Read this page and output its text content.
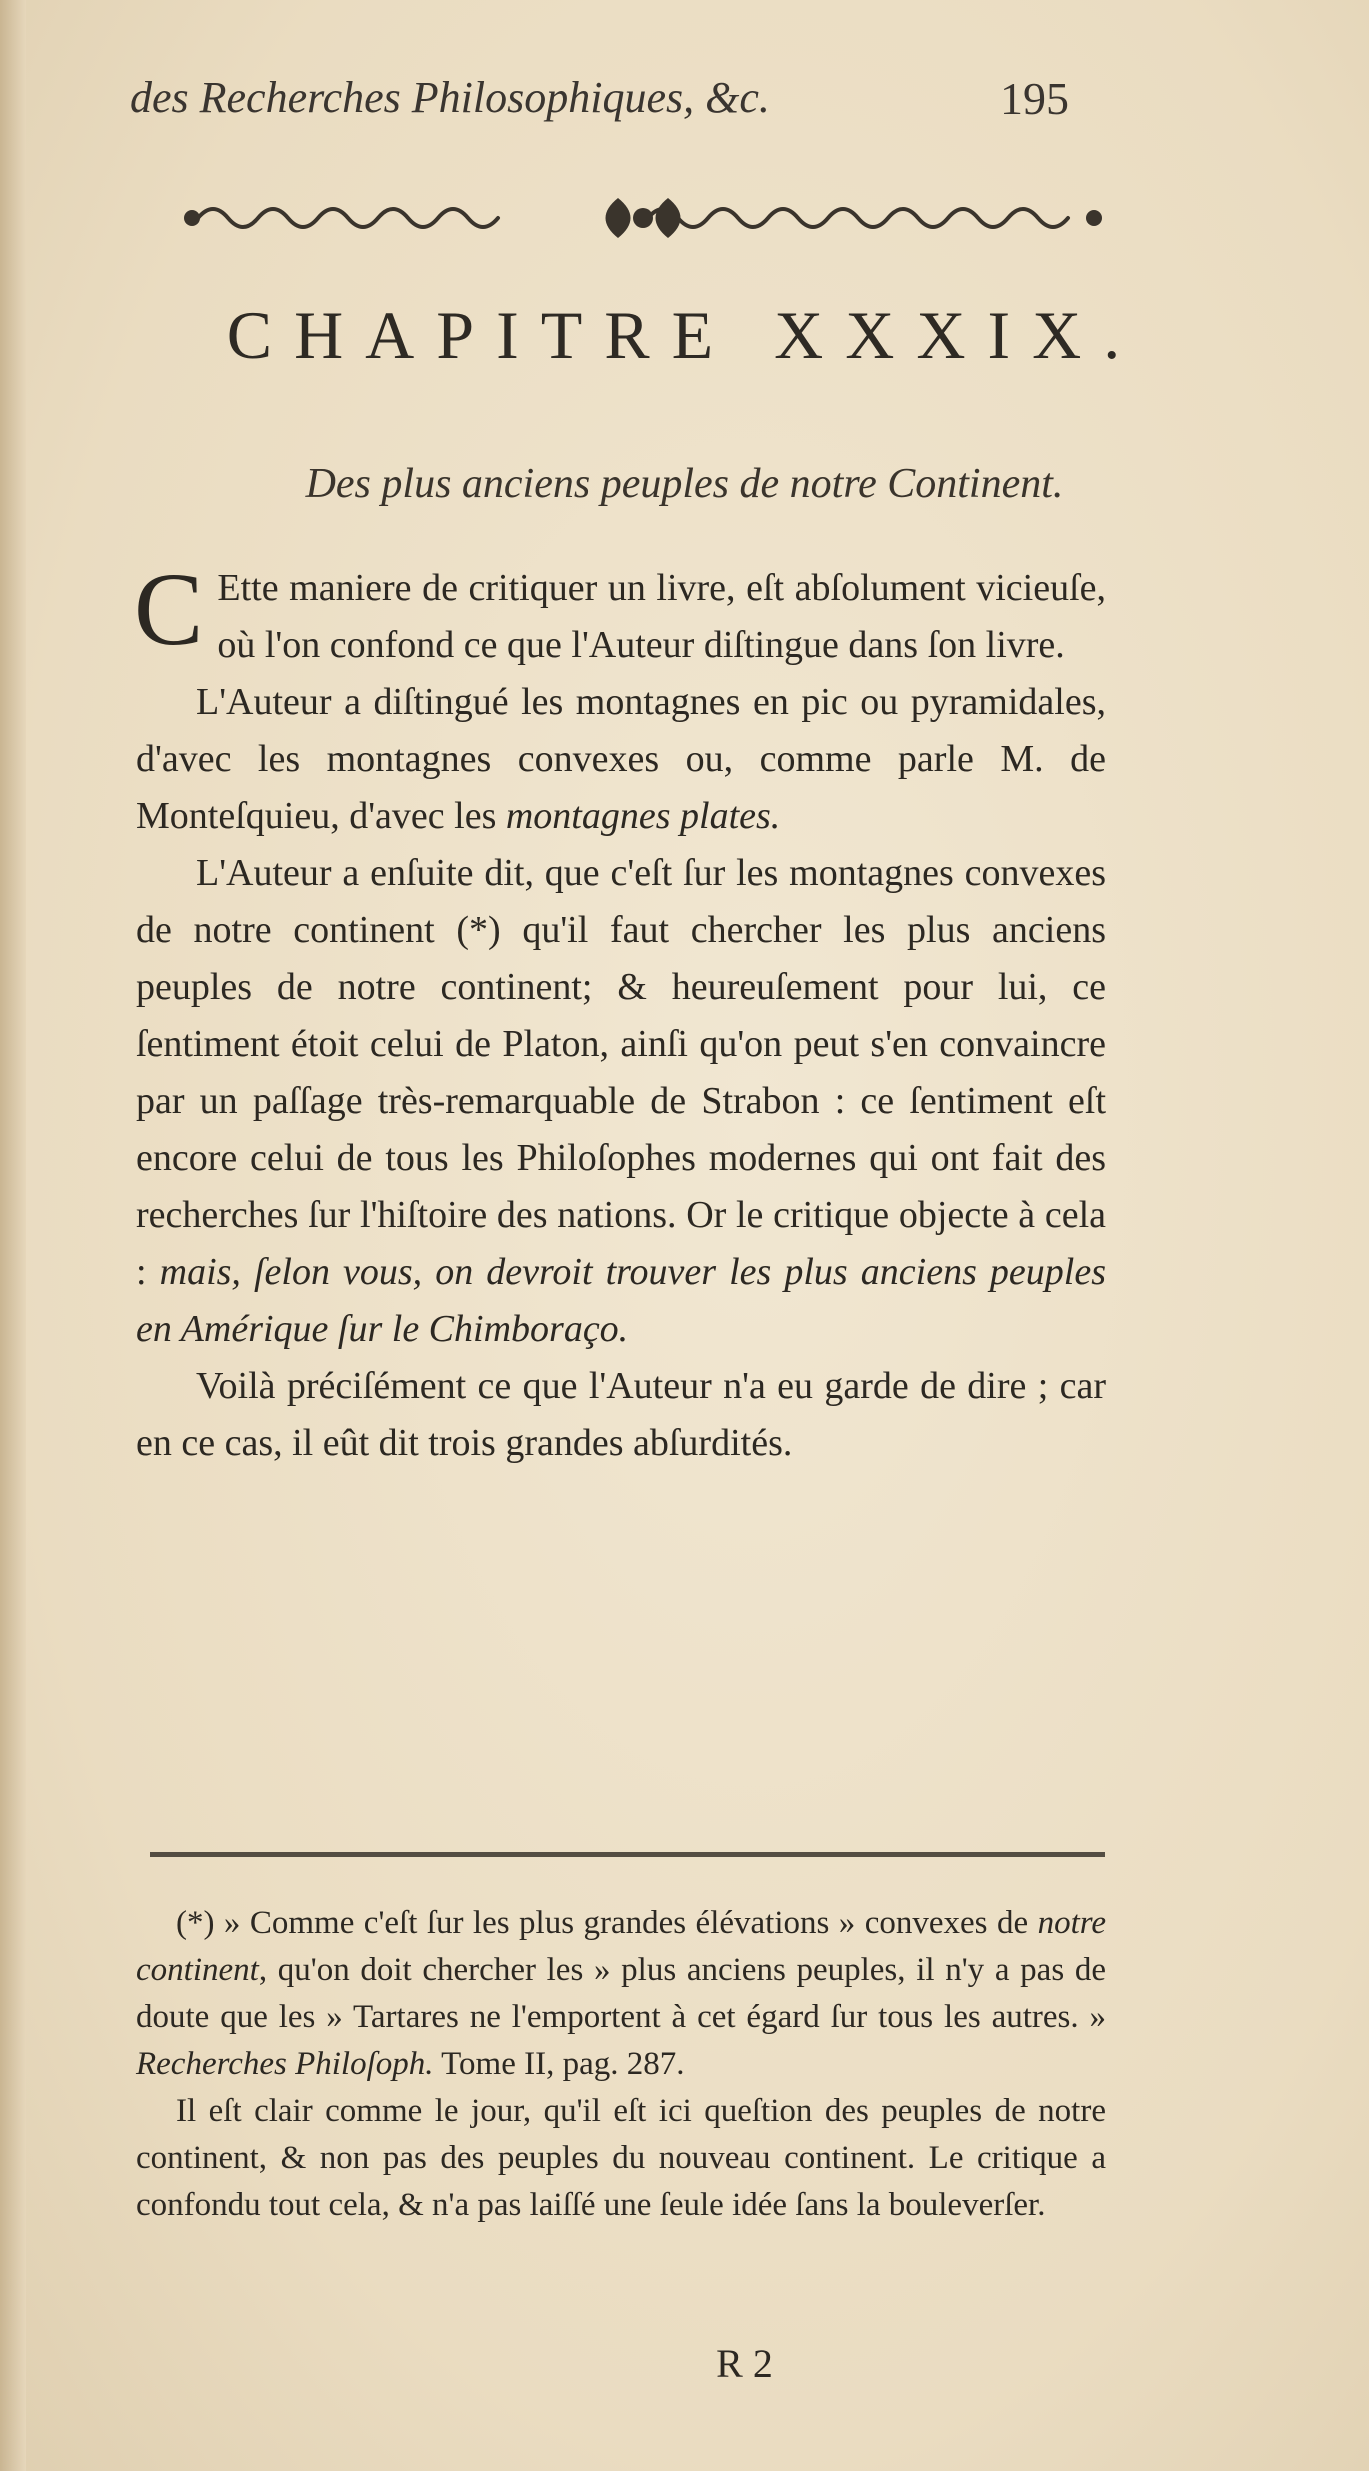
des Recherches Philosophiques, &c.	195
CHAPITRE XXXIX.
Des plus anciens peuples de notre Continent.

C Ette maniere de critiquer un livre, eſt abſolument vicieuſe, où l'on confond ce que l'Auteur diſtingue dans ſon livre.

L'Auteur a diſtingué les montagnes en pic ou pyramidales, d'avec les montagnes convexes ou, comme parle M. de Monteſquieu, d'avec les montagnes plates.

L'Auteur a enſuite dit, que c'eſt ſur les montagnes convexes de notre continent (*) qu'il faut chercher les plus anciens peuples de notre continent; & heureuſement pour lui, ce ſentiment étoit celui de Platon, ainſi qu'on peut s'en convaincre par un paſſage très-remarquable de Strabon : ce ſentiment eſt encore celui de tous les Philoſophes modernes qui ont fait des recherches ſur l'hiſtoire des nations. Or le critique objecte à cela : mais, ſelon vous, on devroit trouver les plus anciens peuples en Amérique ſur le Chimboraço.

Voilà préciſément ce que l'Auteur n'a eu garde de dire ; car en ce cas, il eût dit trois grandes abſurdités.

(*) » Comme c'eſt ſur les plus grandes élévations » convexes de notre continent, qu'on doit chercher les » plus anciens peuples, il n'y a pas de doute que les » Tartares ne l'emportent à cet égard ſur tous les autres. » Recherches Philoſoph. Tome II, pag. 287.

Il eſt clair comme le jour, qu'il eſt ici queſtion des peuples de notre continent, & non pas des peuples du nouveau continent. Le critique a confondu tout cela, & n'a pas laiſſé une ſeule idée ſans la bouleverſer.

R 2
